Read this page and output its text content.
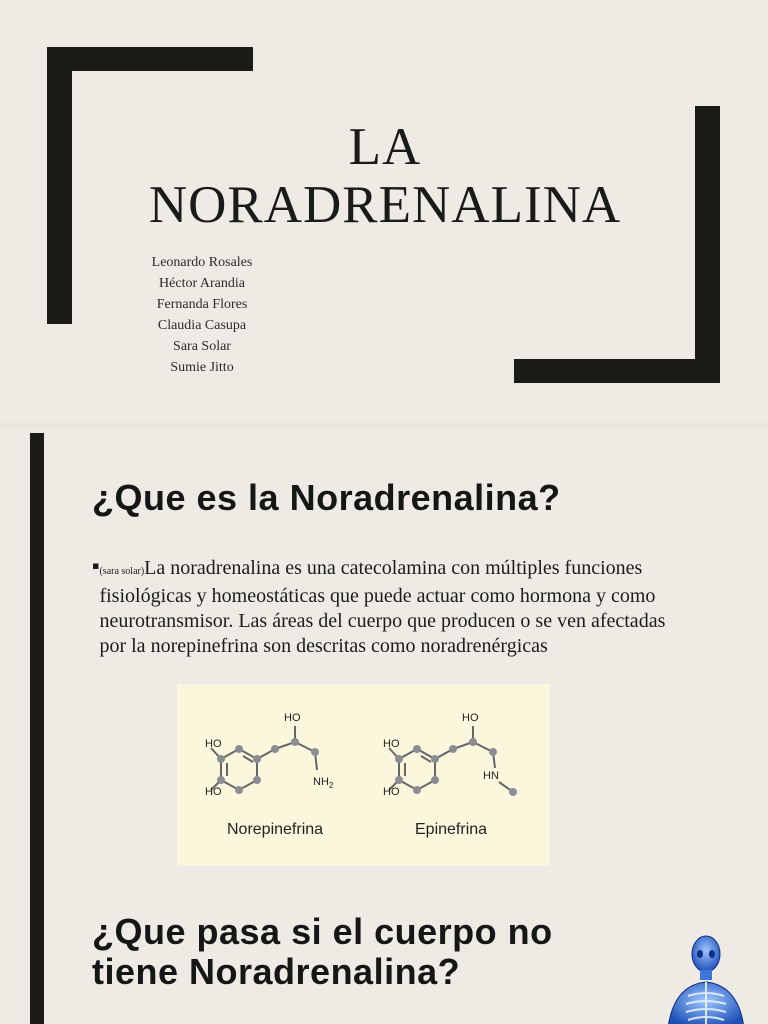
LA
NORADRENALINA
Leonardo Rosales
Héctor Arandia
Fernanda Flores
Claudia Casupa
Sara Solar
Sumie Jitto
¿Que es la Noradrenalina?
▪ (sara solar)La noradrenalina es una catecolamina con múltiples funciones fisiológicas y homeostáticas que puede actuar como hormona y como neurotransmisor. Las áreas del cuerpo que producen o se ven afectadas por la norepinefrina son descritas como noradrenérgicas
HO
HO
HO
$NH_2$
HO
HO
HO
HN
Norepinefrina	Epinefrina
¿Que pasa si el cuerpo no
tiene Noradrenalina?
